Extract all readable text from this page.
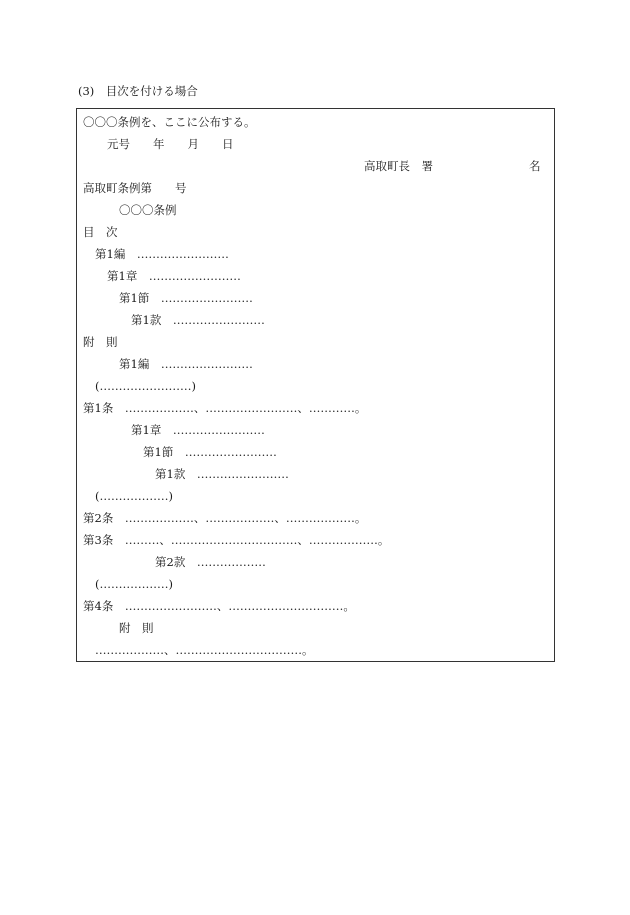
(3)　目次を付ける場合
〇〇〇条例を、ここに公布する。
元号　　年　　月　　日
高取町長　署	名
高取町条例第　　号
〇〇〇条例
目　次
第1編　……………………
第1章　……………………
第1節　……………………
第1款　……………………
附　則
第1編　……………………
(……………………)
第1条　………………、……………………、…………。
第1章　……………………
第1節　……………………
第1款　……………………
(………………)
第2条　………………、………………、………………。
第3条　………、……………………………、………………。
第2款　………………
(………………)
第4条　……………………、…………………………。
附　則
………………、……………………………。
